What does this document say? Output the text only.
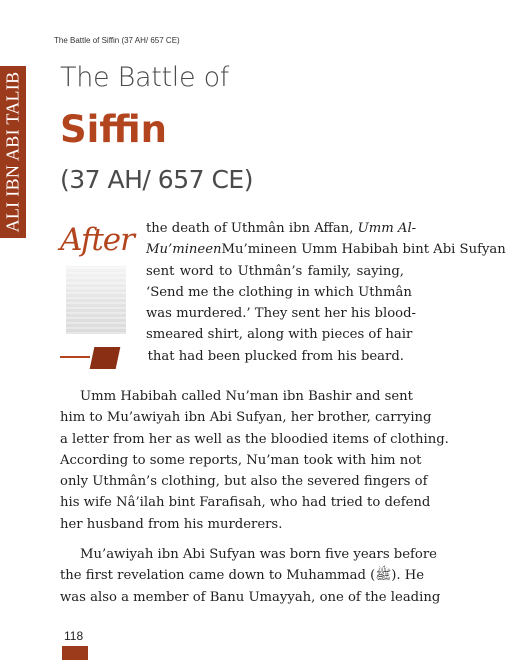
The Battle of Siffin (37 AH/ 657 CE)
ALI IBN ABI TALIB The Battle of
Siffin
(37 AH/ 657 CE)
After the death of Uthmân ibn Affan, Umm Al-
Mu’mineenMu’mineen Umm Habibah bint Abi Sufyan
sent word to Uthmân’s family, saying,
‘Send me the clothing in which Uthmân
was murdered.’ They sent her his blood-
smeared shirt, along with pieces of hair
that had been plucked from his beard.
Umm Habibah called Nu’man ibn Bashir and sent
him to Mu’awiyah ibn Abi Sufyan, her brother, carrying
a letter from her as well as the bloodied items of clothing.
According to some reports, Nu’man took with him not
only Uthmân’s clothing, but also the severed fingers of
his wife Nâ’ilah bint Farafisah, who had tried to defend
her husband from his murderers.
Mu’awiyah ibn Abi Sufyan was born five years before
the first revelation came down to Muhammad (ﷺ). He
was also a member of Banu Umayyah, one of the leading
118
